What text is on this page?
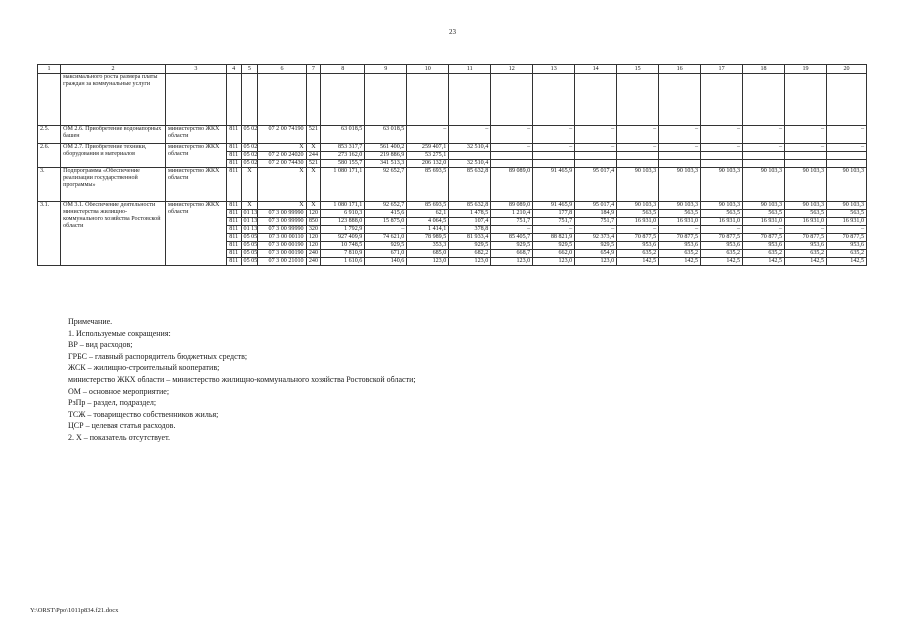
23
1	2	3	4	5	6	7	8	9	10	11	12	13	14	15	16	17	18	19	20
	максимального роста размера платы граждан за коммунальные услуги																		
2.5.	ОМ 2.6. Приобретение водонапорных башен	министерство ЖКХ области	811	05 02	07 2 00 74190	521	63 018,5	63 018,5	–	–	–	–	–	–	–	–	–	–	–
2.6.	ОМ 2.7. Приобретение техники, оборудования и материалов	министерство ЖКХ области	811	05 02	Х	Х	853 317,7	561 400,2	259 407,1	32 510,4	–	–	–	–	–	–	–	–	–
			811	05 02	07 2 00 24020	244	273 162,0	219 886,9	53 275,1										
			811	05 02	07 2 00 74430	521	580 155,7	341 513,3	206 132,0	32 510,4									
3.	Подпрограмма «Обеспечение реализации государственной программы»	министерство ЖКХ области	811	Х	Х	Х	1 080 171,1	92 652,7	85 693,5	85 632,8	89 089,0	91 465,9	95 017,4	90 103,3	90 103,3	90 103,3	90 103,3	90 103,3	90 103,3
3.1.	ОМ 3.1. Обеспечение деятельности министерства жилищно-коммунального хозяйства Ростовской области	министерство ЖКХ области	811	Х	Х	Х	1 080 171,1	92 652,7	85 693,5	85 632,8	89 089,0	91 465,9	95 017,4	90 103,3	90 103,3	90 103,3	90 103,3	90 103,3	90 103,3
			811	01 13	07 3 00 99990	120	6 910,3	415,6	62,1	1 478,5	1 210,4	177,8	184,9	563,5	563,5	563,5	563,5	563,5	563,5
			811	01 13	07 3 00 99990	850	123 888,0	15 875,0	4 064,5	107,4	751,7	751,7	751,7	16 931,0	16 931,0	16 931,0	16 931,0	16 931,0	16 931,0
			811	01 13	07 3 00 99990	320	1 792,9	–	1 414,1	378,8	–	–	–	–	–	–	–	–	–
			811	05 05	07 3 00 00110	120	927 409,9	74 621,0	78 989,5	81 933,4	85 405,7	88 821,9	92 373,4	70 877,5	70 877,5	70 877,5	70 877,5	70 877,5	70 877,5
			811	05 05	07 3 00 00190	120	10 748,5	929,5	353,3	929,5	929,5	929,5	929,5	953,6	953,6	953,6	953,6	953,6	953,6
			811	05 05	07 3 00 00190	240	7 810,9	671,0	685,0	682,2	668,7	662,0	654,9	635,2	635,2	635,2	635,2	635,2	635,2
			811	05 05	07 3 00 21010	240	1 610,6	140,6	123,0	123,0	123,0	123,0	123,0	142,5	142,5	142,5	142,5	142,5	142,5
Примечание.
1. Используемые сокращения:
ВР – вид расходов;
ГРБС – главный распорядитель бюджетных средств;
ЖСК – жилищно-строительный кооператив;
министерство ЖКХ области – министерство жилищно-коммунального хозяйства Ростовской области;
ОМ – основное мероприятие;
РзПр – раздел, подраздел;
ТСЖ – товарищество собственников жилья;
ЦСР – целевая статья расходов.
2. Х – показатель отсутствует.
Y:\ORST\Ppo\1011p834.f21.docx
